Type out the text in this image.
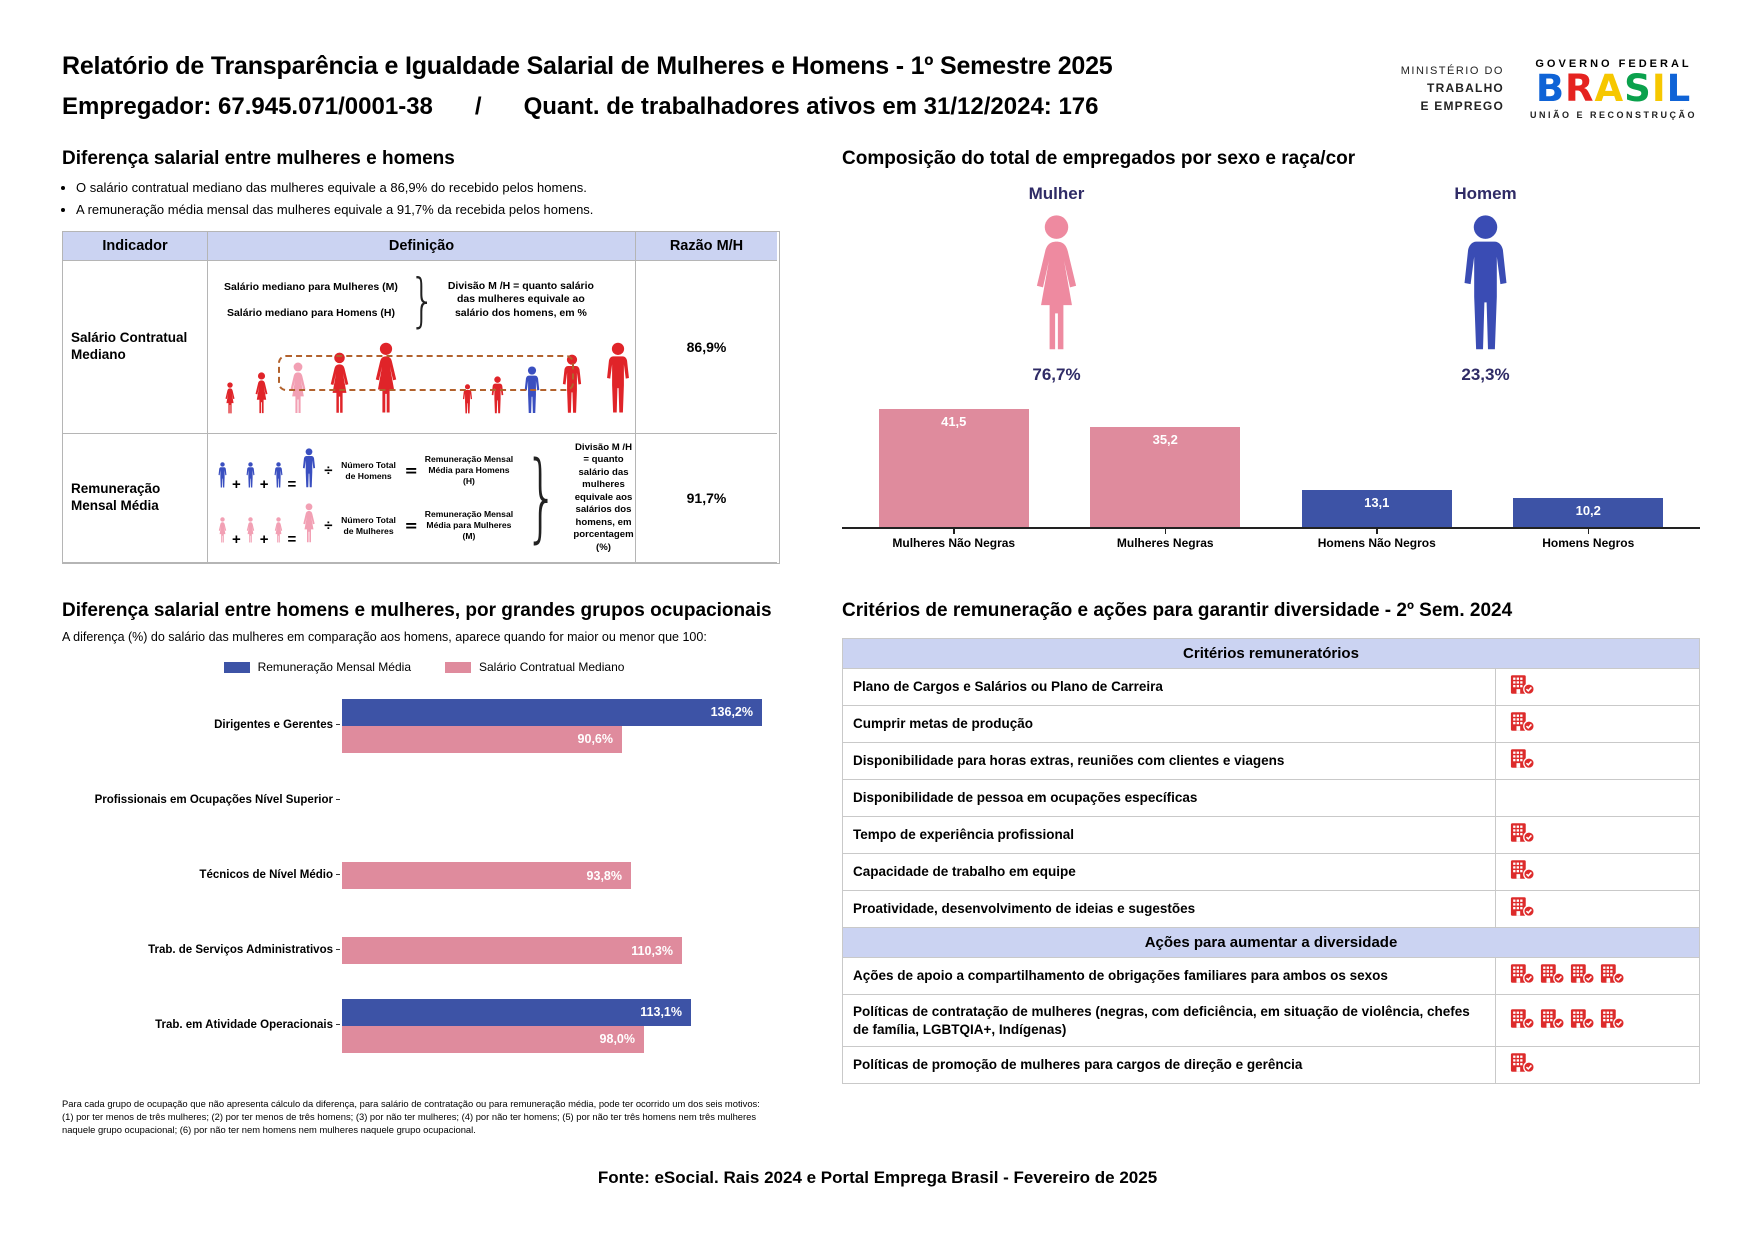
Relatório de Transparência e Igualdade Salarial de Mulheres e Homens - 1º Semestre 2025
Empregador: 67.945.071/0001-38 / Quant. de trabalhadores ativos em 31/12/2024: 176
MINISTÉRIO DO
TRABALHO
E EMPREGO
GOVERNO FEDERAL
BRASIL
UNIÃO E RECONSTRUÇÃO
Diferença salarial entre mulheres e homens
• O salário contratual mediano das mulheres equivale a 86,9% do recebido pelos homens.
• A remuneração média mensal das mulheres equivale a 91,7% da recebida pelos homens.
Indicador	Definição	Razão M/H
Salário Contratual Mediano
Salário mediano para Mulheres (M)
Salário mediano para Homens (H) } Divisão M /H = quanto salário das mulheres equivale ao salário dos homens, em %
86,9%
Remuneração Mensal Média
+ + =
÷	Número Total de Homens =
Remuneração Mensal Média para Homens (H)
+ + =
÷	Número Total de Mulheres =
Remuneração Mensal Média para Mulheres (M) }	Divisão M /H = quanto salário das mulheres equivale aos salários dos homens, em porcentagem (%)
91,7%
Composição do total de empregados por sexo e raça/cor
Mulher
76,7%
Homem
23,3%
41,5
35,2
13,1
10,2
Mulheres Não Negras	Mulheres Negras	Homens Não Negros	Homens Negros
Diferença salarial entre homens e mulheres, por grandes grupos ocupacionais
A diferença (%) do salário das mulheres em comparação aos homens, aparece quando for maior ou menor que 100:
Remuneração Mensal Média	Salário Contratual Mediano
Dirigentes e Gerentes
136,2%
90,6%
Profissionais em Ocupações Nível Superior
Técnicos de Nível Médio	93,8%
Trab. de Serviços Administrativos	110,3%
Trab. em Atividade Operacionais
113,1%
98,0%
Para cada grupo de ocupação que não apresenta cálculo da diferença, para salário de contratação ou para remuneração média, pode ter ocorrido um dos seis motivos: (1) por ter menos de três mulheres; (2) por ter menos de três homens; (3) por não ter mulheres; (4) por não ter homens; (5) por não ter três homens nem três mulheres naquele grupo ocupacional; (6) por não ter nem homens nem mulheres naquele grupo ocupacional.
Critérios de remuneração e ações para garantir diversidade - 2º Sem. 2024
Critérios remuneratórios
Plano de Cargos e Salários ou Plano de Carreira
Cumprir metas de produção
Disponibilidade para horas extras, reuniões com clientes e viagens
Disponibilidade de pessoa em ocupações específicas
Tempo de experiência profissional
Capacidade de trabalho em equipe
Proatividade, desenvolvimento de ideias e sugestões
Ações para aumentar a diversidade
Ações de apoio a compartilhamento de obrigações familiares para ambos os sexos
Políticas de contratação de mulheres (negras, com deficiência, em situação de violência, chefes de família, LGBTQIA+, Indígenas)
Políticas de promoção de mulheres para cargos de direção e gerência
Fonte: eSocial. Rais 2024 e Portal Emprega Brasil - Fevereiro de 2025
